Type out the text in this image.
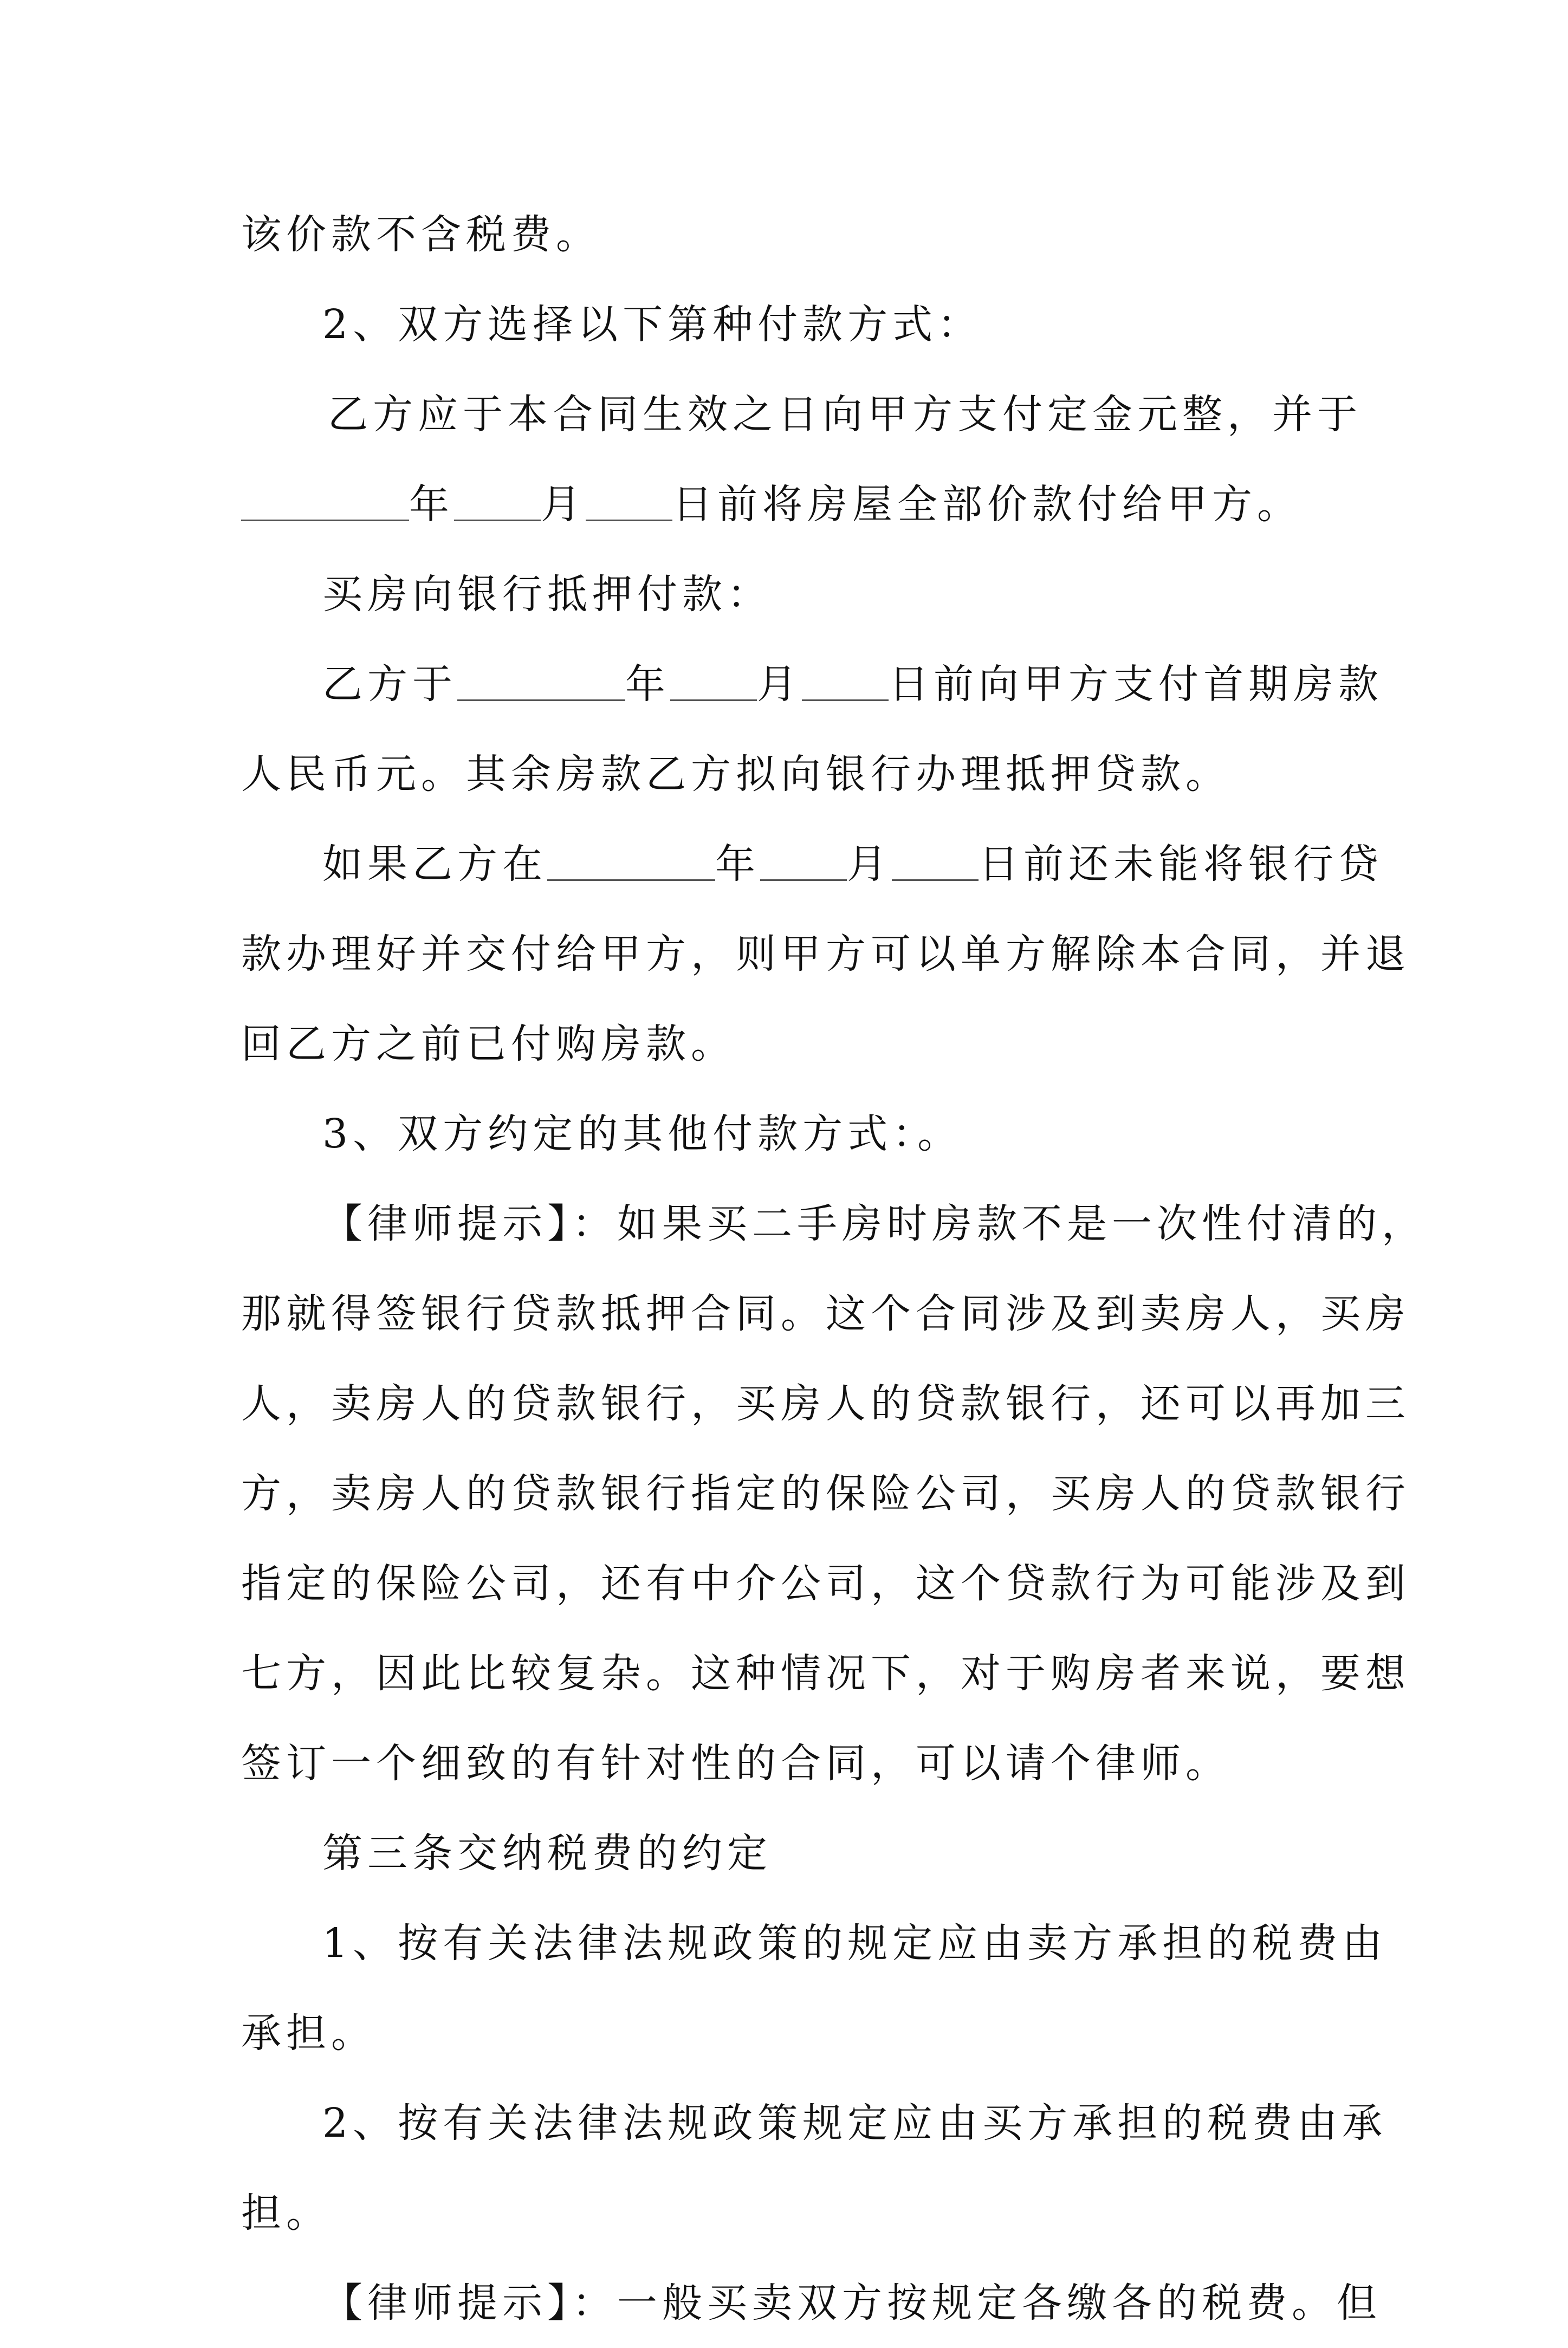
该价款不含税费。
2、双方选择以下第种付款方式：
乙方应于本合同生效之日向甲方支付定金元整，并于
年 月 日前将房屋全部价款付给甲方。
买房向银行抵押付款：
乙方于	年 月 日前向甲方支付首期房款
人民币元。其余房款乙方拟向银行办理抵押贷款。
如果乙方在	年 月 日前还未能将银行贷
款办理好并交付给甲方，则甲方可以单方解除本合同，并退
回乙方之前已付购房款。
3、双方约定的其他付款方式：。
【律师提示】：如果买二手房时房款不是一次性付清的，
那就得签银行贷款抵押合同。这个合同涉及到卖房人，买房
人，卖房人的贷款银行，买房人的贷款银行，还可以再加三
方，卖房人的贷款银行指定的保险公司，买房人的贷款银行
指定的保险公司，还有中介公司，这个贷款行为可能涉及到
七方，因此比较复杂。这种情况下，对于购房者来说，要想
签订一个细致的有针对性的合同，可以请个律师。
第三条交纳税费的约定
1、按有关法律法规政策的规定应由卖方承担的税费由
承担。
2、按有关法律法规政策规定应由买方承担的税费由承
担。
【律师提示】：一般买卖双方按规定各缴各的税费。但
